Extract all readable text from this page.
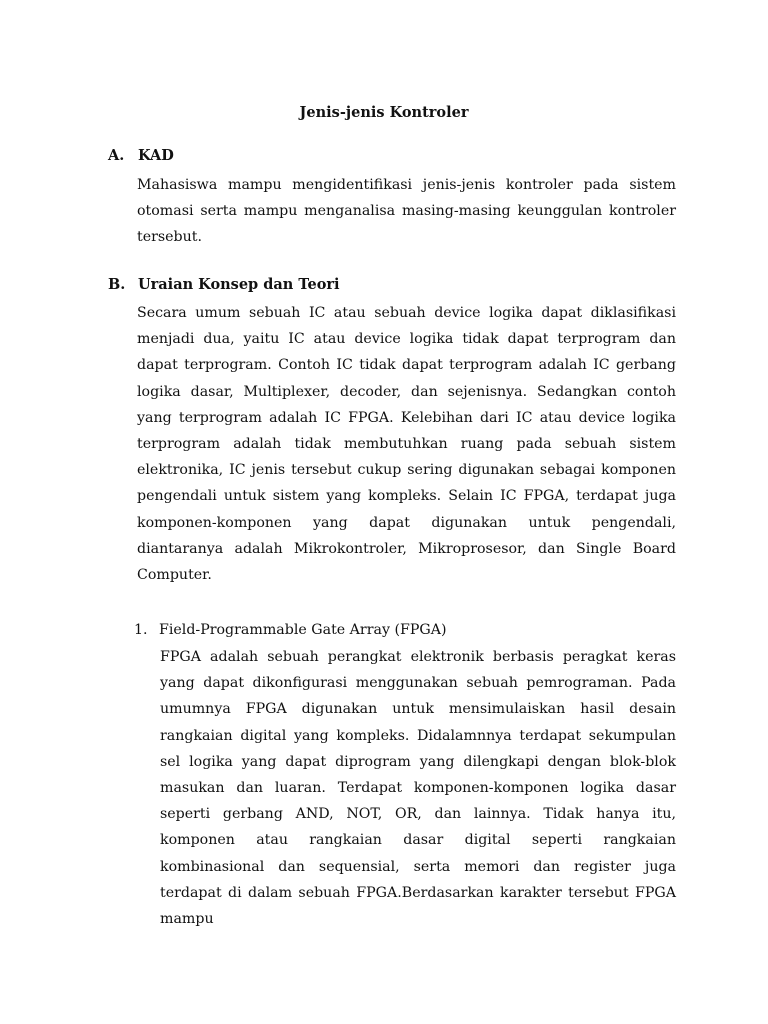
Jenis-jenis Kontroler
A. KAD

Mahasiswa mampu mengidentifikasi jenis-jenis kontroler pada sistem otomasi serta mampu menganalisa masing-masing keunggulan kontroler tersebut.

B. Uraian Konsep dan Teori

Secara umum sebuah IC atau sebuah device logika dapat diklasifikasi menjadi dua, yaitu IC atau device logika tidak dapat terprogram dan dapat terprogram. Contoh IC tidak dapat terprogram adalah IC gerbang logika dasar, Multiplexer, decoder, dan sejenisnya. Sedangkan contoh yang terprogram adalah IC FPGA. Kelebihan dari IC atau device logika terprogram adalah tidak membutuhkan ruang pada sebuah sistem elektronika, IC jenis tersebut cukup sering digunakan sebagai komponen pengendali untuk sistem yang kompleks. Selain IC FPGA, terdapat juga komponen-komponen yang dapat digunakan untuk pengendali, diantaranya adalah Mikrokontroler, Mikroprosesor, dan Single Board Computer.

1. Field-Programmable Gate Array (FPGA)

FPGA adalah sebuah perangkat elektronik berbasis peragkat keras yang dapat dikonfigurasi menggunakan sebuah pemrograman. Pada umumnya FPGA digunakan untuk mensimulaiskan hasil desain rangkaian digital yang kompleks. Didalamnnya terdapat sekumpulan sel logika yang dapat diprogram yang dilengkapi dengan blok-blok masukan dan luaran. Terdapat komponen-komponen logika dasar seperti gerbang AND, NOT, OR, dan lainnya. Tidak hanya itu, komponen atau rangkaian dasar digital seperti rangkaian kombinasional dan sequensial, serta memori dan register juga terdapat di dalam sebuah FPGA.Berdasarkan karakter tersebut FPGA mampu
